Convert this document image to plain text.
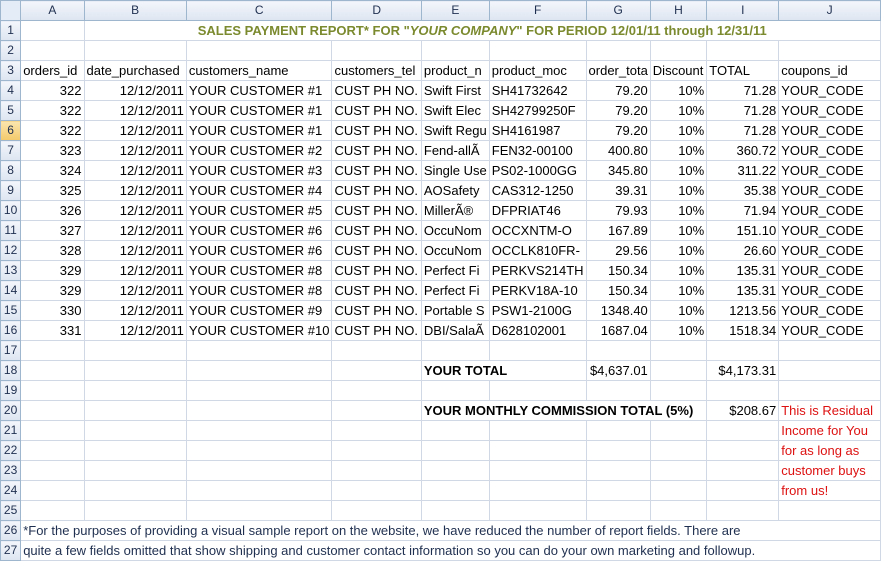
	A	B	C	D	E	F	G	H	I	J
1		SALES PAYMENT REPORT* FOR "YOUR COMPANY" FOR PERIOD 12/01/11 through 12/31/11								
2										
3	orders_id	date_purchased	customers_name	customers_tel	product_n	product_moc	order_tota	Discount	TOTAL	coupons_id
4	322	12/12/2011	YOUR CUSTOMER #1	CUST PH NO.	Swift First	SH41732642	79.20	10%	71.28	YOUR_CODE
5	322	12/12/2011	YOUR CUSTOMER #1	CUST PH NO.	Swift Elec	SH42799250F	79.20	10%	71.28	YOUR_CODE
6	322	12/12/2011	YOUR CUSTOMER #1	CUST PH NO.	Swift Regu	SH4161987	79.20	10%	71.28	YOUR_CODE
7	323	12/12/2011	YOUR CUSTOMER #2	CUST PH NO.	Fend-allÃ	FEN32-00100	400.80	10%	360.72	YOUR_CODE
8	324	12/12/2011	YOUR CUSTOMER #3	CUST PH NO.	Single Use	PS02-1000GG	345.80	10%	311.22	YOUR_CODE
9	325	12/12/2011	YOUR CUSTOMER #4	CUST PH NO.	AOSafety	CAS312-1250	39.31	10%	35.38	YOUR_CODE
10	326	12/12/2011	YOUR CUSTOMER #5	CUST PH NO.	MillerÃ®	DFPRIAT46	79.93	10%	71.94	YOUR_CODE
11	327	12/12/2011	YOUR CUSTOMER #6	CUST PH NO.	OccuNom	OCCXNTM-O	167.89	10%	151.10	YOUR_CODE
12	328	12/12/2011	YOUR CUSTOMER #6	CUST PH NO.	OccuNom	OCCLK810FR-	29.56	10%	26.60	YOUR_CODE
13	329	12/12/2011	YOUR CUSTOMER #8	CUST PH NO.	Perfect Fi	PERKVS214TH	150.34	10%	135.31	YOUR_CODE
14	329	12/12/2011	YOUR CUSTOMER #8	CUST PH NO.	Perfect Fi	PERKV18A-10	150.34	10%	135.31	YOUR_CODE
15	330	12/12/2011	YOUR CUSTOMER #9	CUST PH NO.	Portable S	PSW1-2100G	1348.40	10%	1213.56	YOUR_CODE
16	331	12/12/2011	YOUR CUSTOMER #10	CUST PH NO.	DBI/SalaÃ	D628102001	1687.04	10%	1518.34	YOUR_CODE
17										
18					YOUR TOTAL		$4,637.01		$4,173.31	
19										
20					YOUR MONTHLY COMMISSION TOTAL (5%)				$208.67	This is Residual
21										Income for You
22										for as long as
23										customer buys
24										from us!
25										
26	*For the purposes of providing a visual sample report on the website, we have reduced the number of report fields. There are									
27	quite a few fields omitted that show shipping and customer contact information so you can do your own marketing and followup.									
